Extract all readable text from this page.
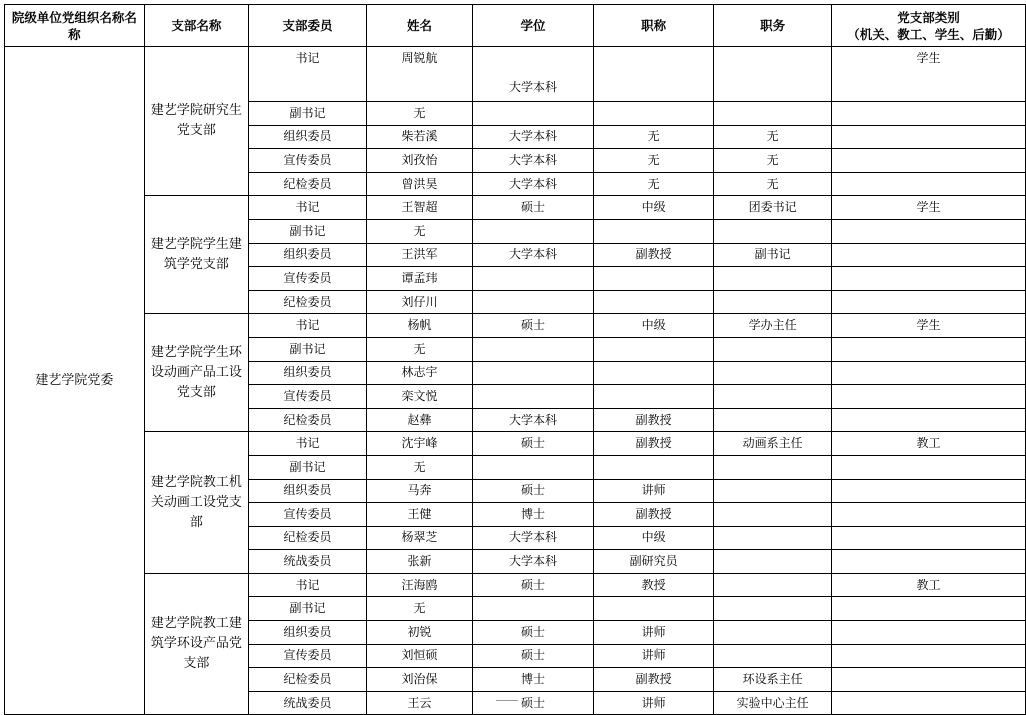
院级单位党组织名称名称	支部名称	支部委员	姓名	学位	职称	职务	党支部类别
（机关、教工、学生、后勤）
建艺学院党委	建艺学院研究生党支部	书记	周锐航	大学本科			学生
		副书记	无				
		组织委员	柴若溪	大学本科	无	无	
		宣传委员	刘孜怡	大学本科	无	无	
		纪检委员	曾洪昊	大学本科	无	无	
	建艺学院学生建筑学党支部	书记	王智超	硕士	中级	团委书记	学生
		副书记	无				
		组织委员	王洪军	大学本科	副教授	副书记	
		宣传委员	谭孟玮				
		纪检委员	刘仔川				
	建艺学院学生环设动画产品工设党支部	书记	杨帆	硕士	中级	学办主任	学生
		副书记	无				
		组织委员	林志宇				
		宣传委员	栾文悦				
		纪检委员	赵彝	大学本科	副教授		
	建艺学院教工机关动画工设党支部	书记	沈宇峰	硕士	副教授	动画系主任	教工
		副书记	无				
		组织委员	马奔	硕士	讲师		
		宣传委员	王健	博士	副教授		
		纪检委员	杨翠芝	大学本科	中级		
		统战委员	张新	大学本科	副研究员		
	建艺学院教工建筑学环设产品党支部	书记	汪海鸥	硕士	教授		教工
		副书记	无				
		组织委员	初锐	硕士	讲师		
		宣传委员	刘恒硕	硕士	讲师		
		纪检委员	刘治保	博士	副教授	环设系主任	
		统战委员	王云	硕士	讲师	实验中心主任	
